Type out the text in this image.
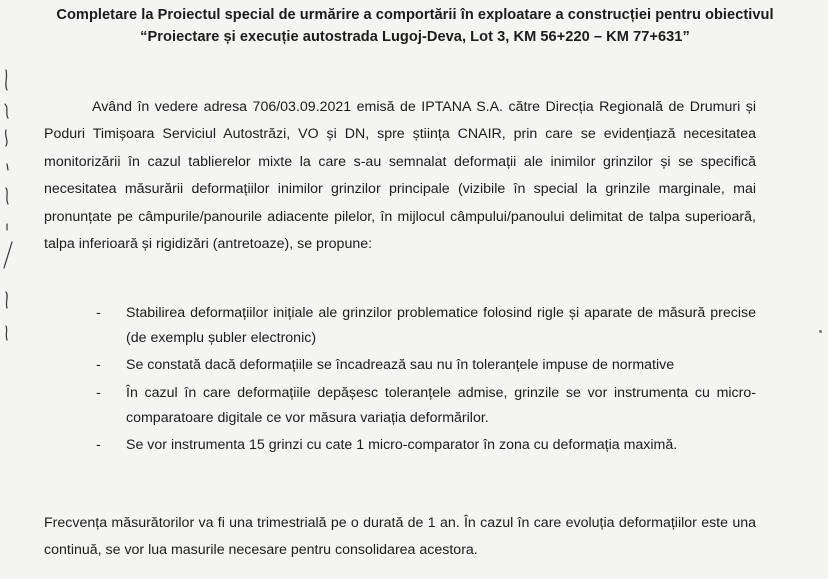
Completare la Proiectul special de urmărire a comportării în exploatare a construcției pentru obiectivul “Proiectare și execuție autostrada Lugoj-Deva, Lot 3, KM 56+220 – KM 77+631”

Având în vedere adresa 706/03.09.2021 emisă de IPTANA S.A. către Direcția Regională de Drumuri și Poduri Timișoara Serviciul Autostrăzi, VO și DN, spre știința CNAIR, prin care se evidențiază necesitatea monitorizării în cazul tablierelor mixte la care s-au semnalat deformații ale inimilor grinzilor și se specifică necesitatea măsurării deformațiilor inimilor grinzilor principale (vizibile în special la grinzile marginale, mai pronunțate pe câmpurile/panourile adiacente pilelor, în mijlocul câmpului/panoului delimitat de talpa superioară, talpa inferioară și rigidizări (antretoaze), se propune:

- Stabilirea deformațiilor inițiale ale grinzilor problematice folosind rigle și aparate de măsură precise (de exemplu șubler electronic)
- Se constată dacă deformațiile se încadrează sau nu în toleranțele impuse de normative
- În cazul în care deformațiile depășesc toleranțele admise, grinzile se vor instrumenta cu micro-comparatoare digitale ce vor măsura variația deformărilor.
- Se vor instrumenta 15 grinzi cu cate 1 micro-comparator în zona cu deformația maximă.

Frecvența măsurătorilor va fi una trimestrială pe o durată de 1 an. În cazul în care evoluția deformațiilor este una continuă, se vor lua masurile necesare pentru consolidarea acestora.
